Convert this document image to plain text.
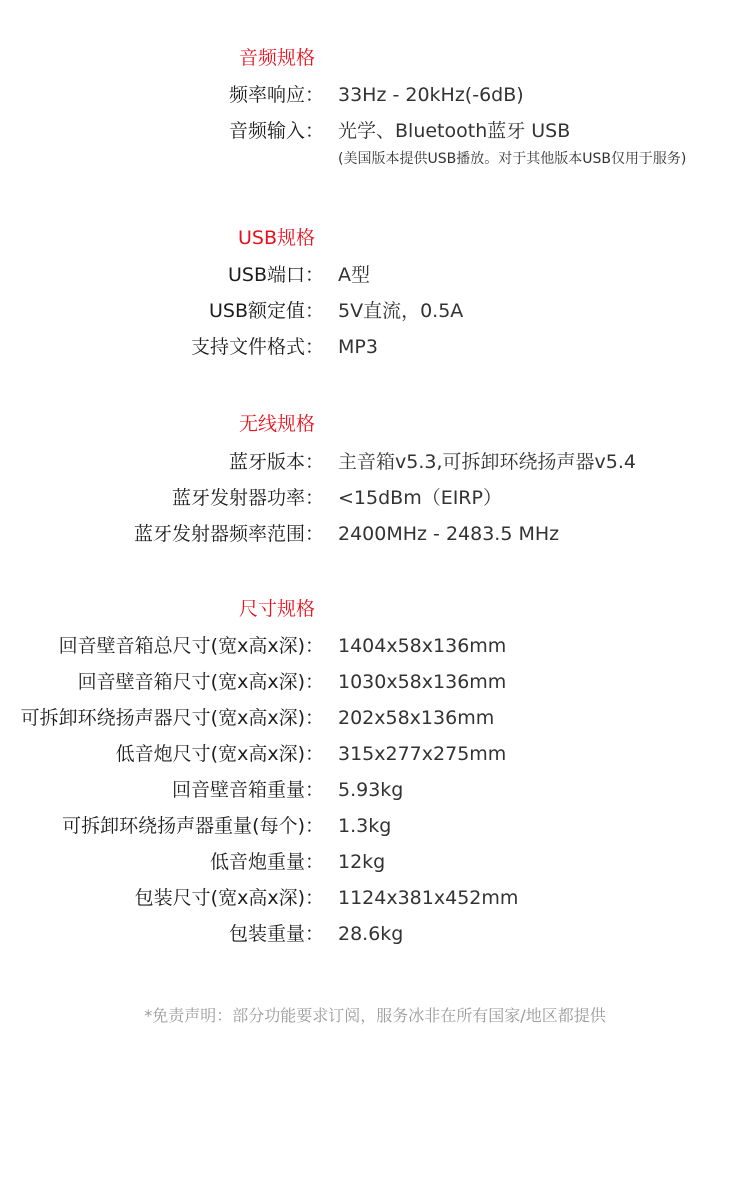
音频规格
频率响应： 33Hz - 20kHz(-6dB)
音频输入： 光学、Bluetooth蓝牙 USB
(美国版本提供USB播放。对于其他版本USB仅用于服务)
USB规格
USB端口： A型
USB额定值： 5V直流，0.5A
支持文件格式： MP3
无线规格
蓝牙版本： 主音箱v5.3,可拆卸环绕扬声器v5.4
蓝牙发射器功率： <15dBm（EIRP）
蓝牙发射器频率范围： 2400MHz - 2483.5 MHz
尺寸规格
回音壁音箱总尺寸(宽x高x深)： 1404x58x136mm
回音壁音箱尺寸(宽x高x深)： 1030x58x136mm
可拆卸环绕扬声器尺寸(宽x高x深)： 202x58x136mm
低音炮尺寸(宽x高x深)： 315x277x275mm
回音壁音箱重量： 5.93kg
可拆卸环绕扬声器重量(每个)： 1.3kg
低音炮重量： 12kg
包装尺寸(宽x高x深)： 1124x381x452mm
包装重量： 28.6kg
*免责声明：部分功能要求订阅，服务冰非在所有国家/地区都提供
